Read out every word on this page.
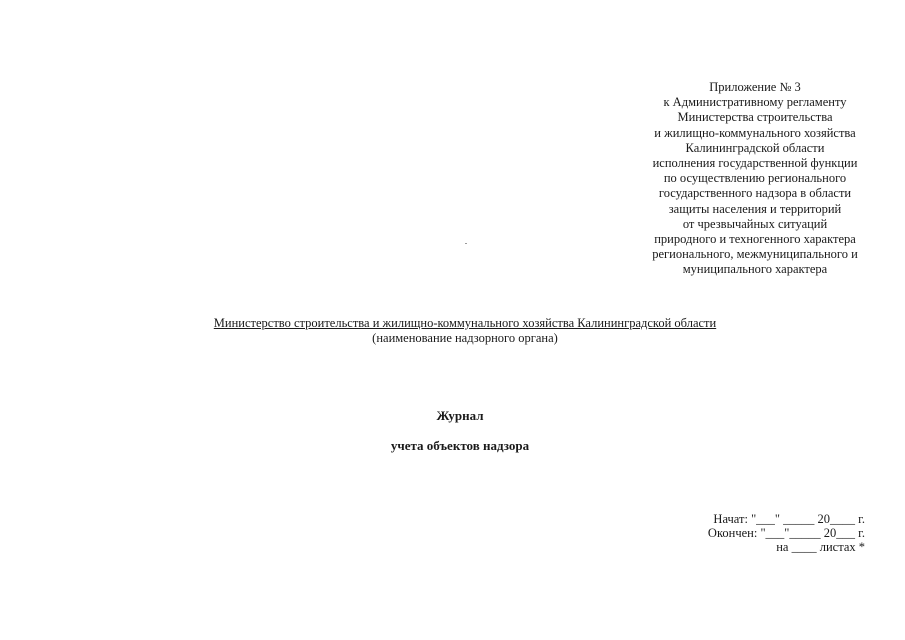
Приложение № 3
к Административному регламенту
Министерства строительства
и жилищно-коммунального хозяйства
Калининградской области
исполнения государственной функции
по осуществлению регионального
государственного надзора в области
защиты населения и территорий
от чрезвычайных ситуаций
природного и техногенного характера
регионального, межмуниципального и
муниципального характера
Министерство строительства и жилищно-коммунального хозяйства Калининградской области
(наименование надзорного органа)
Журнал
учета объектов надзора
Начат: "___" _____ 20____ г.
Окончен: "___"_____ 20___ г.
на ____ листах *
